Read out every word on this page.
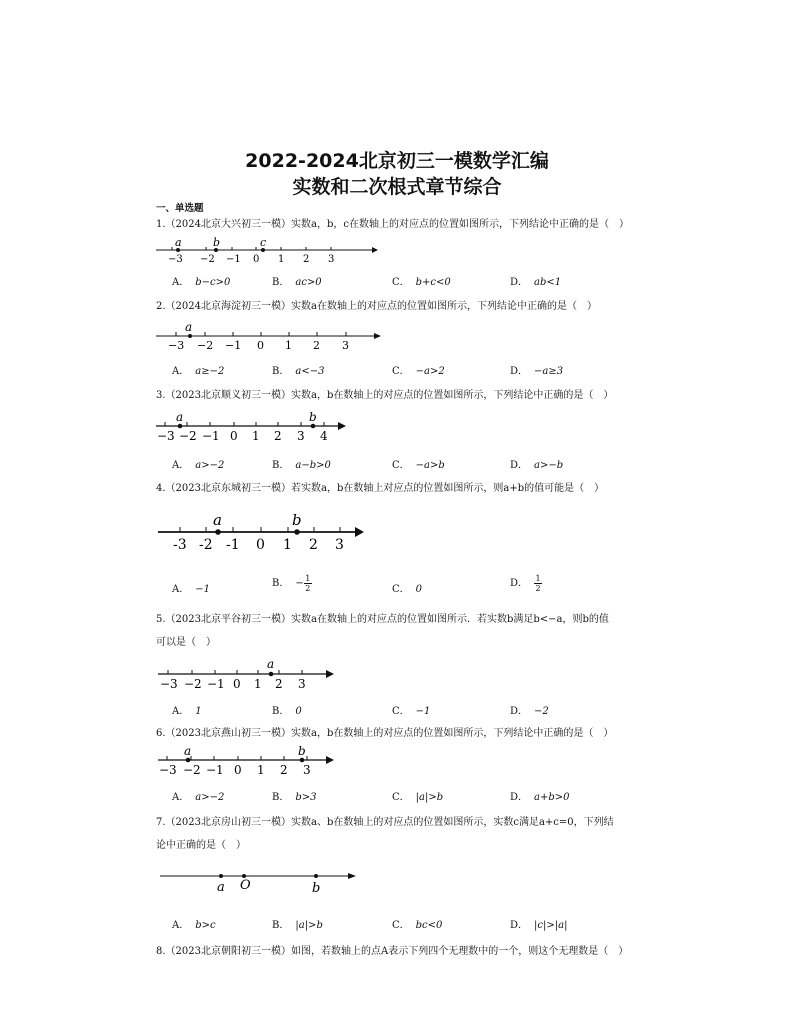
2022-2024北京初三一模数学汇编
实数和二次根式章节综合
一、单选题
1.（2024北京大兴初三一模）实数a，b，c在数轴上的对应点的位置如图所示，下列结论中正确的是（　）
−3 −2 −1 0 1 2 3
a	b	c
A． b−c>0	B． ac>0	C． b+c<0	D． ab<1
2.（2024北京海淀初三一模）实数a在数轴上的对应点的位置如图所示，下列结论中正确的是（　）
−3 −2 −1 0 1 2 3
a
A． a≥−2	B． a<−3	C． −a>2	D． −a≥3
3.（2023北京顺义初三一模）实数a，b在数轴上的对应点的位置如图所示，下列结论中正确的是（　）
−3 −2 −1 0 1 2 3 4
a	b
A． a>−2	B． a−b>0	C． −a>b	D． a>−b
4.（2023北京东城初三一模）若实数a，b在数轴上对应点的位置如图所示，则a+b的值可能是（　）
-3 -2 -1 0 1 2 3
a	b
A． −1
B． − $\frac{1}{2}$	C． 0
D． $\frac{1}{2}$
5.（2023北京平谷初三一模）实数a在数轴上的对应点的位置如图所示．若实数b满足b<−a，则b的值
可以是（　）
−3 −2 −1 0 1 2 3
a
A． 1	B． 0	C． −1	D． −2
6.（2023北京燕山初三一模）实数a，b在数轴上的对应点的位置如图所示，下列结论中正确的是（　）
−3 −2 −1 0 1 2 3
a	b
A． a>−2	B． b>3	C． |a|>b	D． a+b>0
7.（2023北京房山初三一模）实数a、b在数轴上的对应点的位置如图所示，实数c满足a+c=0，下列结
论中正确的是（　）
a O	b
A． b>c	B． |a|>b	C． bc<0	D． |c|>|a|
8.（2023北京朝阳初三一模）如图，若数轴上的点A表示下列四个无理数中的一个，则这个无理数是（　）
